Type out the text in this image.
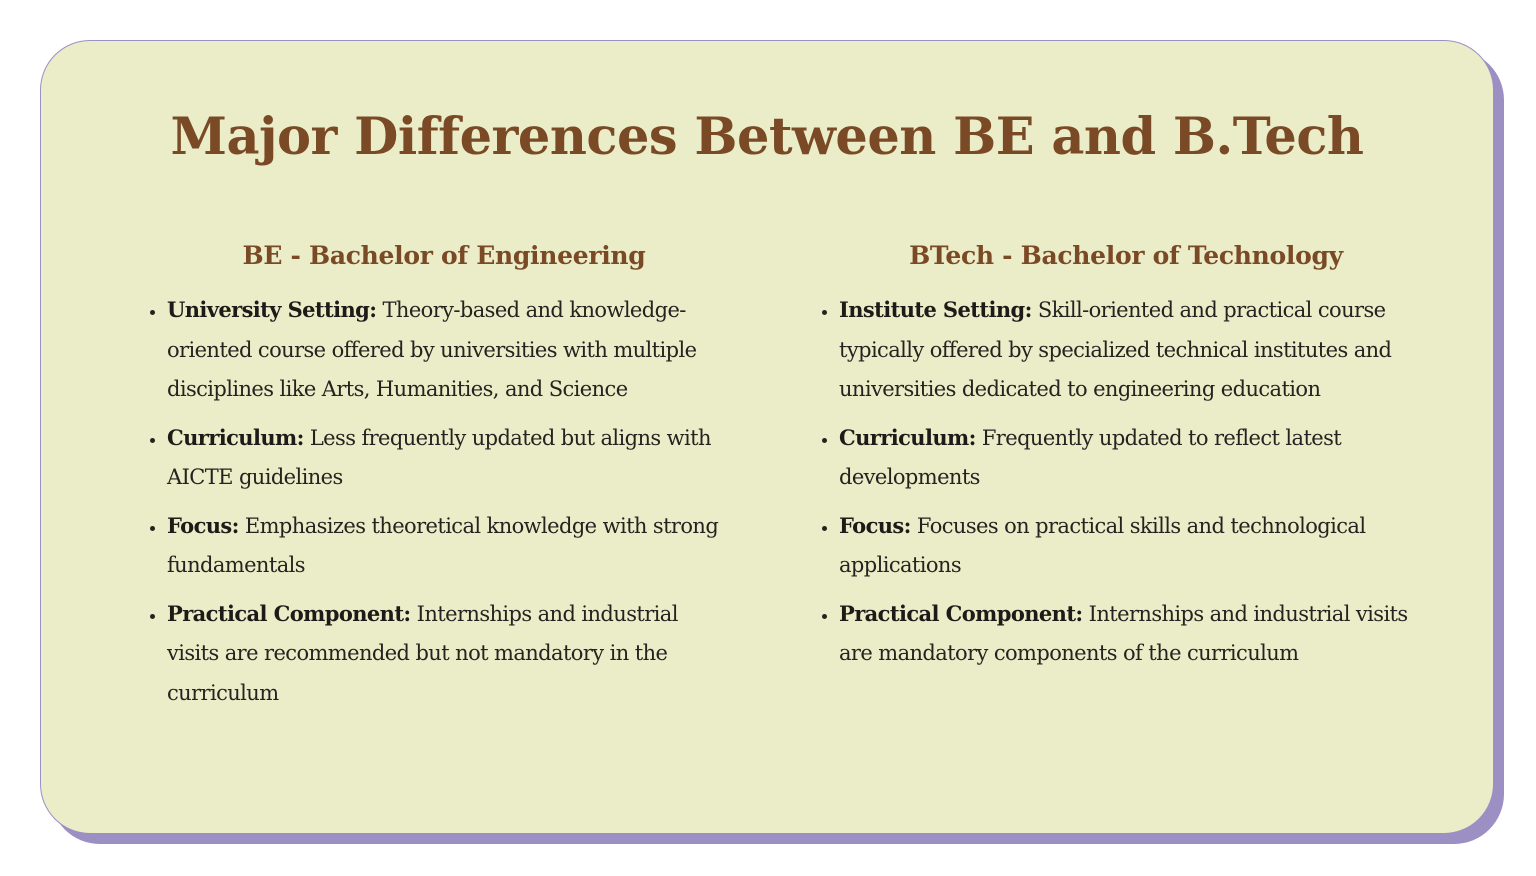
Major Differences Between BE and B.Tech
BE - Bachelor of Engineering
• University Setting: Theory-based and knowledge-oriented course offered by universities with multiple disciplines like Arts, Humanities, and Science
• Curriculum: Less frequently updated but aligns with AICTE guidelines
• Focus: Emphasizes theoretical knowledge with strong fundamentals
• Practical Component: Internships and industrial visits are recommended but not mandatory in the curriculum
BTech - Bachelor of Technology
• Institute Setting: Skill-oriented and practical course typically offered by specialized technical institutes and universities dedicated to engineering education
• Curriculum: Frequently updated to reflect latest developments
• Focus: Focuses on practical skills and technological applications
• Practical Component: Internships and industrial visits are mandatory components of the curriculum
